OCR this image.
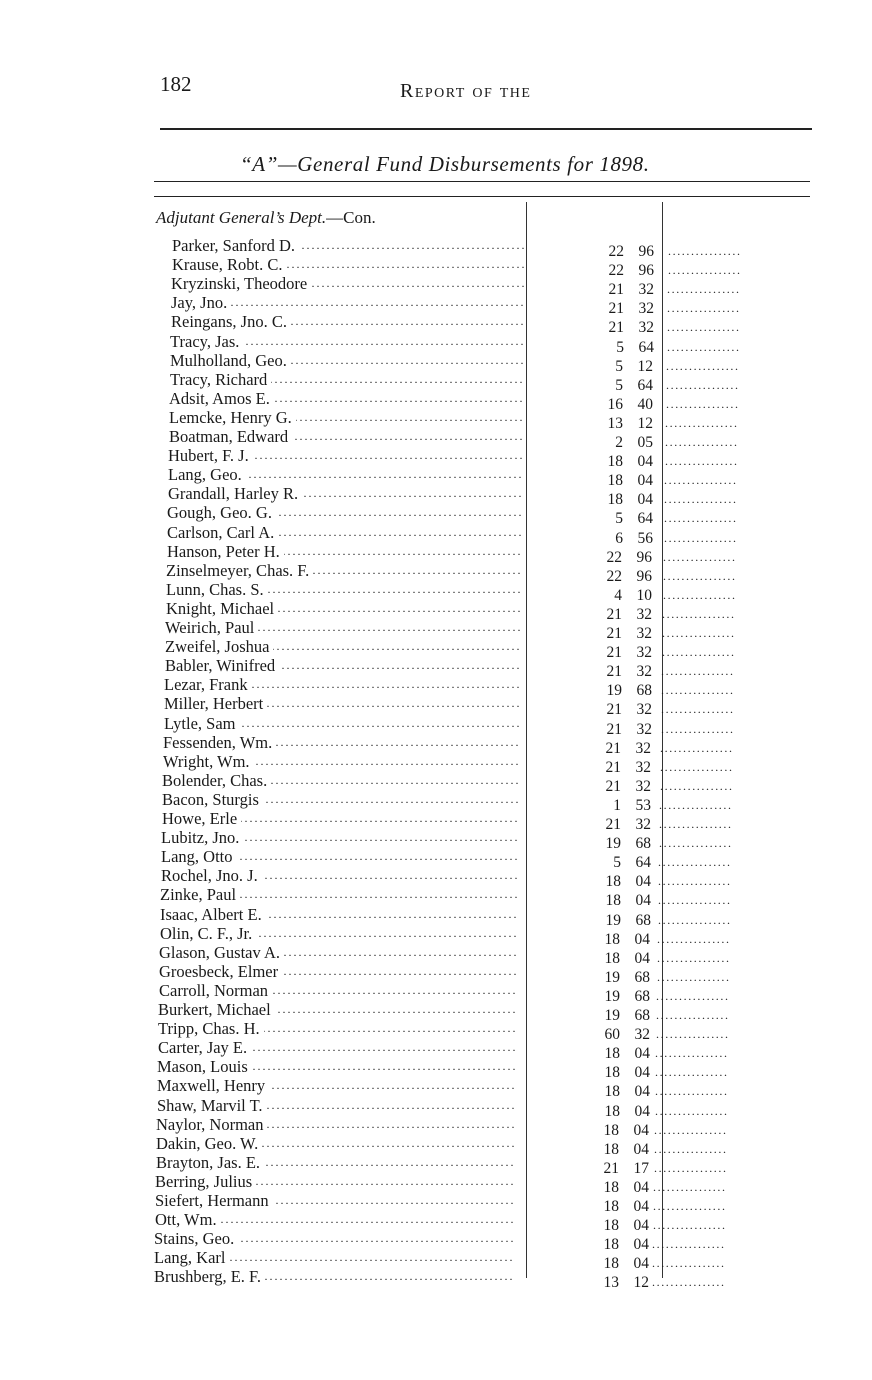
182	Report of the
“A”—General Fund Disbursements for 1898.
Adjutant General’s Dept.—Con.
Parker, Sanford D. . . .	22 96	................
Krause, Robt. C. . . .	22 96	................
Kryzinski, Theodore . . .	21 32	................
Jay, Jno. . . .	21 32	................
Reingans, Jno. C. . . .	21 32	................
Tracy, Jas. . . .	5 64	................
Mulholland, Geo. . . .	5 12	................
Tracy, Richard . . .	5 64	................
Adsit, Amos E. . . .	16 40	................
Lemcke, Henry G. . . .	13 12	................
Boatman, Edward . . .	2 05	................
Hubert, F. J. . . .	18 04	................
Lang, Geo. . . .	18 04 ................
Grandall, Harley R. . . .	18 04 ................
Gough, Geo. G. . . .	5 64 ................
Carlson, Carl A. . . .	6 56 ................
Hanson, Peter H. . . .	22 96 ................
Zinselmeyer, Chas. F. . . .	22 96 ................
Lunn, Chas. S. . . .	4 10 ................
Knight, Michael . . .	21 32 ................
Weirich, Paul . . .	21 32 ................
Zweifel, Joshua . . .	21 32 ................
Babler, Winifred . . .	21 32 ................
Lezar, Frank . . .	19 68 ................
Miller, Herbert . . .	21 32 ................
Lytle, Sam . . .	21 32 ................
Fessenden, Wm. . . .	21 32 ................
Wright, Wm. . . .	21 32 ................
Bolender, Chas. . . .	21 32 ................
Bacon, Sturgis . . .	1 53 ................
Howe, Erle . . .	21 32 ................
Lubitz, Jno. . . .	19 68 ................
Lang, Otto . . .	5 64 ................
Rochel, Jno. J. . . .	18 04 ................
Zinke, Paul . . .	18 04 ................
Isaac, Albert E. . . .	19 68 ................
Olin, C. F., Jr. . . .	18 04 ................
Glason, Gustav A. . . .	18 04 ................
Groesbeck, Elmer . . .	19 68 ................
Carroll, Norman . . .	19 68 ................
Burkert, Michael . . .	19 68 ................
Tripp, Chas. H. . . .	60 32 ................
Carter, Jay E. . . .	18 04 ................
Mason, Louis . . .	18 04 ................
Maxwell, Henry . . .	18 04 ................
Shaw, Marvil T. . . .	18 04 ................
Naylor, Norman . . .	18 04 ................
Dakin, Geo. W. . . .	18 04 ................
Brayton, Jas. E. . . .	21 17 ................
Berring, Julius . . .	18 04 ................
Siefert, Hermann . . .	18 04 ................
Ott, Wm. . . .	18 04 ................
Stains, Geo. . . .	18 04 ................
Lang, Karl . . .	18 04 ................
Brushberg, E. F. . . .	13 12 ................
